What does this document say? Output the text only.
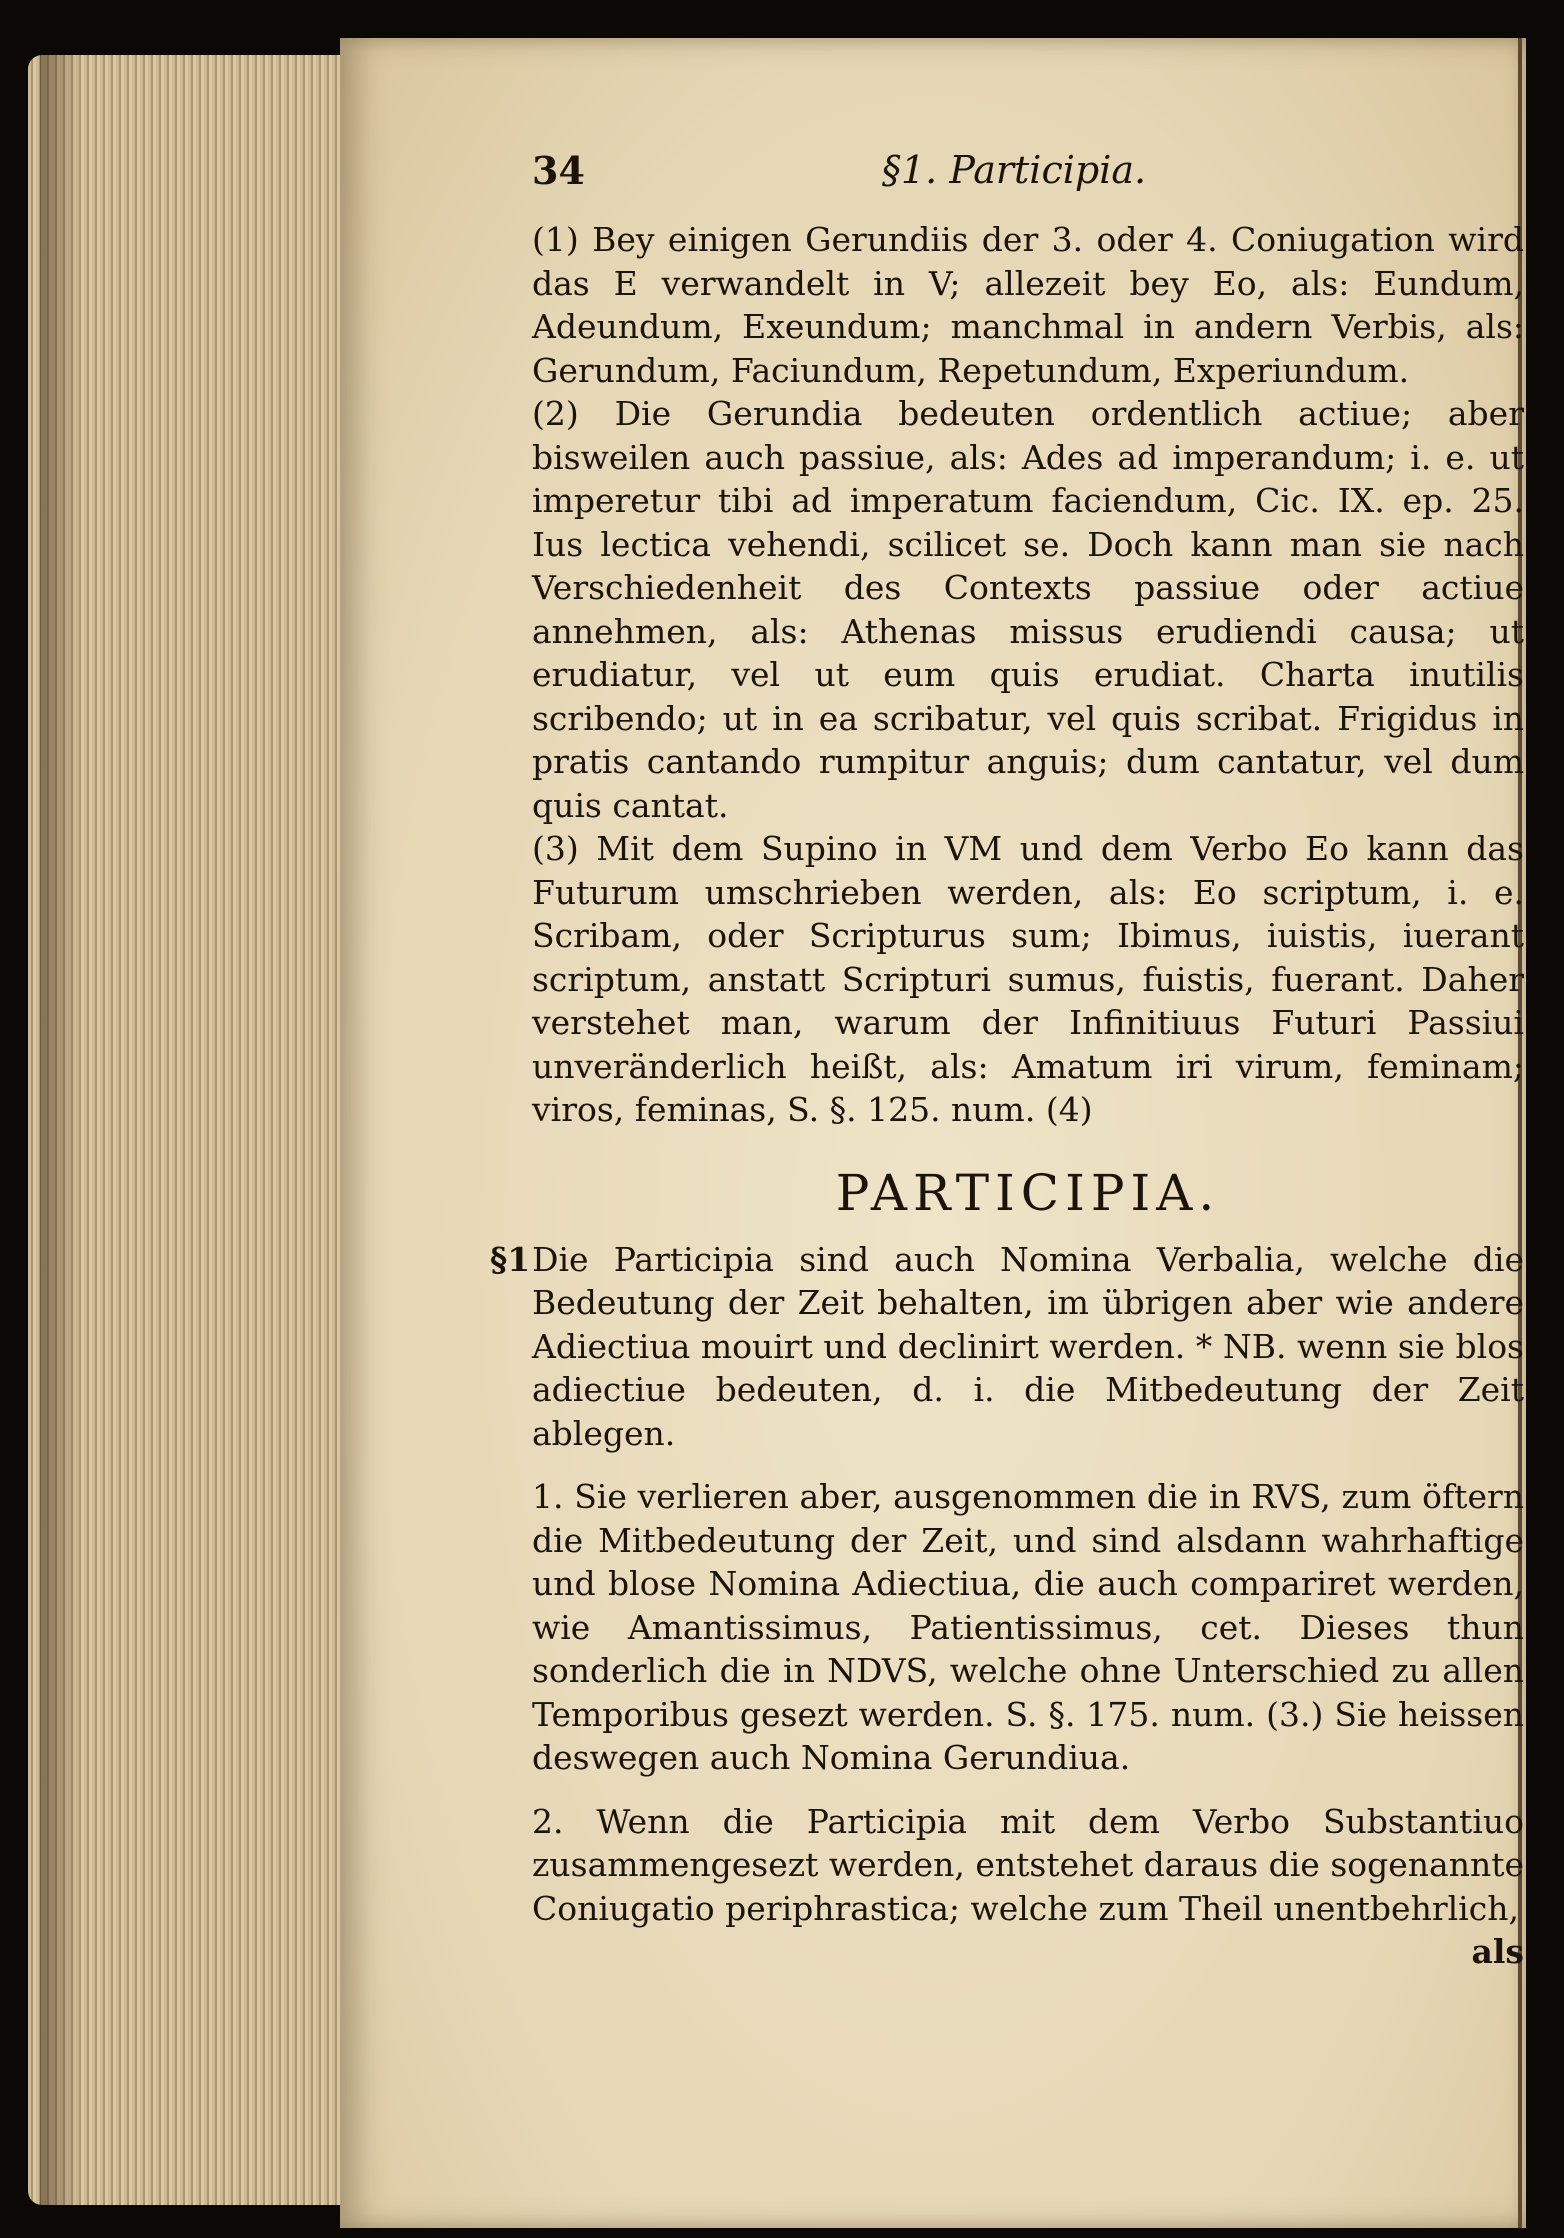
34	§1. Participia.

(1) Bey einigen Gerundiis der 3. oder 4. Coniugation wird das E verwandelt in V; allezeit bey Eo, als: Eundum, Adeundum, Exeundum; manchmal in andern Verbis, als: Gerundum, Faciundum, Repetundum, Experiundum.

(2) Die Gerundia bedeuten ordentlich actiue; aber bisweilen auch passiue, als: Ades ad imperandum; i. e. ut imperetur tibi ad imperatum faciendum, Cic. IX. ep. 25. Ius lectica vehendi, scilicet se. Doch kann man sie nach Verschiedenheit des Contexts passiue oder actiue annehmen, als: Athenas missus erudiendi causa; ut erudiatur, vel ut eum quis erudiat. Charta inutilis scribendo; ut in ea scribatur, vel quis scribat. Frigidus in pratis cantando rumpitur anguis; dum cantatur, vel dum quis cantat.

(3) Mit dem Supino in VM und dem Verbo Eo kann das Futurum umschrieben werden, als: Eo scriptum, i. e. Scribam, oder Scripturus sum; Ibimus, iuistis, iuerant scriptum, anstatt Scripturi sumus, fuistis, fuerant. Daher verstehet man, warum der Infinitiuus Futuri Passiui unveränderlich heißt, als: Amatum iri virum, feminam; viros, feminas, S. §. 125. num. (4)

PARTICIPIA.
§1 Die Participia sind auch Nomina Verbalia, welche die Bedeutung der Zeit behalten, im übrigen aber wie andere Adiectiua mouirt und declinirt werden. * NB. wenn sie blos adiectiue bedeuten, d. i. die Mitbedeutung der Zeit ablegen.

1. Sie verlieren aber, ausgenommen die in RVS, zum öftern die Mitbedeutung der Zeit, und sind alsdann wahrhaftige und blose Nomina Adiectiua, die auch compariret werden, wie Amantissimus, Patientissimus, cet. Dieses thun sonderlich die in NDVS, welche ohne Unterschied zu allen Temporibus gesezt werden. S. §. 175. num. (3.) Sie heissen deswegen auch Nomina Gerundiua.

2. Wenn die Participia mit dem Verbo Substantiuo zusammengesezt werden, entstehet daraus die sogenannte Coniugatio periphrastica; welche zum Theil unentbehrlich,

als
